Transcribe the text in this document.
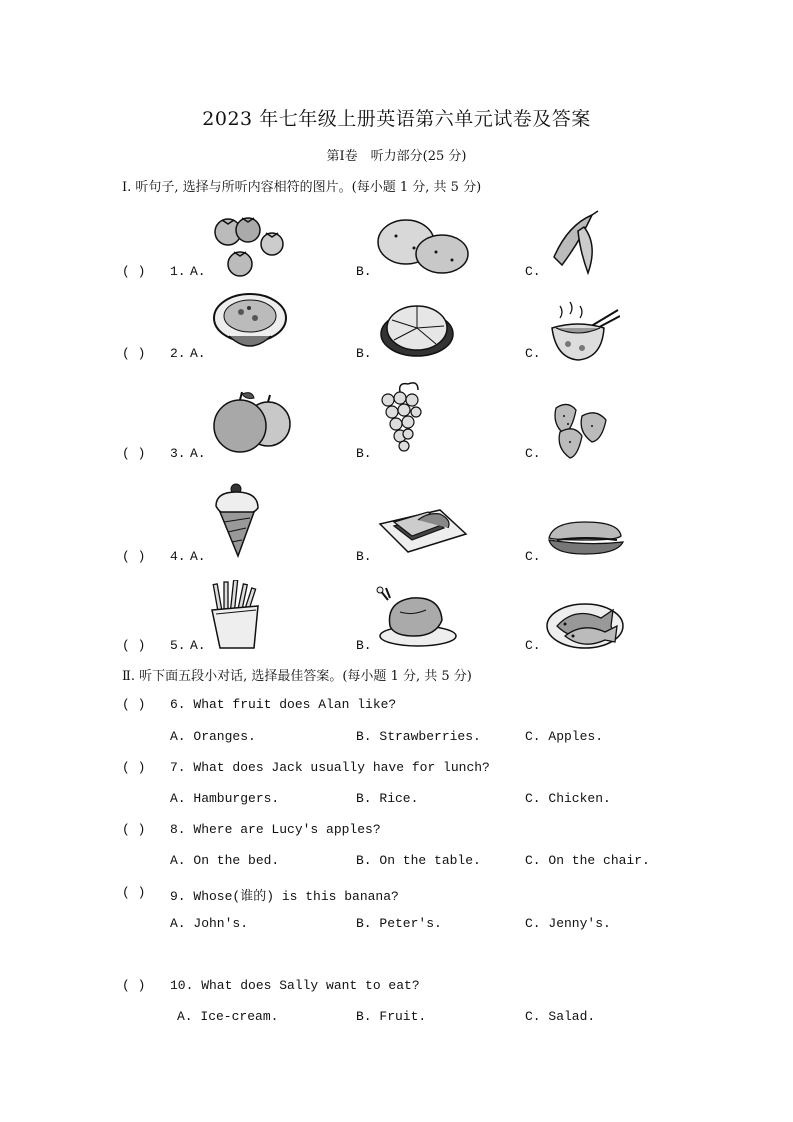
2023 年七年级上册英语第六单元试卷及答案
第Ⅰ卷　听力部分(25 分)
Ⅰ. 听句子, 选择与所听内容相符的图片。(每小题 1 分, 共 5 分)
( ) 1. A.	B.	C.
( ) 2. A.	B.	C.
( ) 3. A.	B.	C.
( ) 4. A.	B.	C.
( ) 5. A.	B.	C.
Ⅱ. 听下面五段小对话, 选择最佳答案。(每小题 1 分, 共 5 分)
( ) 6. What fruit does Alan like?
A. Oranges.	B. Strawberries.	C. Apples.
( ) 7. What does Jack usually have for lunch?
A. Hamburgers.	B. Rice.	C. Chicken.
( ) 8. Where are Lucy's apples?
A. On the bed.	B. On the table.	C. On the chair.
( ) 9. Whose(谁的) is this banana?
A. John's.	B. Peter's.	C. Jenny's.
( ) 10. What does Sally want to eat?
A. Ice-cream.	B. Fruit.	C. Salad.
